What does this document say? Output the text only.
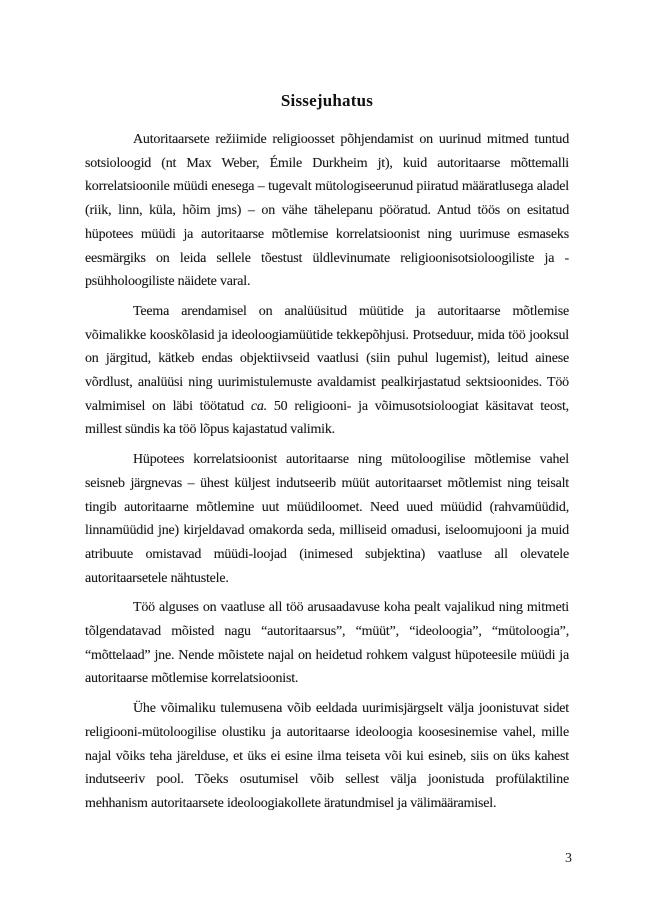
Sissejuhatus

Autoritaarsete režiimide religioosset põhjendamist on uurinud mitmed tuntud sotsioloogid (nt Max Weber, Émile Durkheim jt), kuid autoritaarse mõttemalli korrelatsioonile müüdi enesega – tugevalt mütologiseerunud piiratud määratlusega aladel (riik, linn, küla, hõim jms) – on vähe tähelepanu pööratud. Antud töös on esitatud hüpotees müüdi ja autoritaarse mõtlemise korrelatsioonist ning uurimuse esmaseks eesmärgiks on leida sellele tõestust üldlevinumate religioonisotsioloogiliste ja -psühholoogiliste näidete varal.

Teema arendamisel on analüüsitud müütide ja autoritaarse mõtlemise võimalikke kooskõlasid ja ideoloogiamüütide tekkepõhjusi. Protseduur, mida töö jooksul on järgitud, kätkeb endas objektiivseid vaatlusi (siin puhul lugemist), leitud ainese võrdlust, analüüsi ning uurimistulemuste avaldamist pealkirjastatud sektsioonides. Töö valmimisel on läbi töötatud ca. 50 religiooni- ja võimusotsioloogiat käsitavat teost, millest sündis ka töö lõpus kajastatud valimik.

Hüpotees korrelatsioonist autoritaarse ning mütoloogilise mõtlemise vahel seisneb järgnevas – ühest küljest indutseerib müüt autoritaarset mõtlemist ning teisalt tingib autoritaarne mõtlemine uut müüdiloomet. Need uued müüdid (rahvamüüdid, linnamüüdid jne) kirjeldavad omakorda seda, milliseid omadusi, iseloomujooni ja muid atribuute omistavad müüdi-loojad (inimesed subjektina) vaatluse all olevatele autoritaarsetele nähtustele.

Töö alguses on vaatluse all töö arusaadavuse koha pealt vajalikud ning mitmeti tõlgendatavad mõisted nagu “autoritaarsus”, “müüt”, “ideoloogia”, “mütoloogia”, “mõttelaad” jne. Nende mõistete najal on heidetud rohkem valgust hüpoteesile müüdi ja autoritaarse mõtlemise korrelatsioonist.

Ühe võimaliku tulemusena võib eeldada uurimisjärgselt välja joonistuvat sidet religiooni-mütoloogilise olustiku ja autoritaarse ideoloogia koosesinemise vahel, mille najal võiks teha järelduse, et üks ei esine ilma teiseta või kui esineb, siis on üks kahest indutseeriv pool. Tõeks osutumisel võib sellest välja joonistuda profülaktiline mehhanism autoritaarsete ideoloogiakollete äratundmisel ja välimääramisel.

3
